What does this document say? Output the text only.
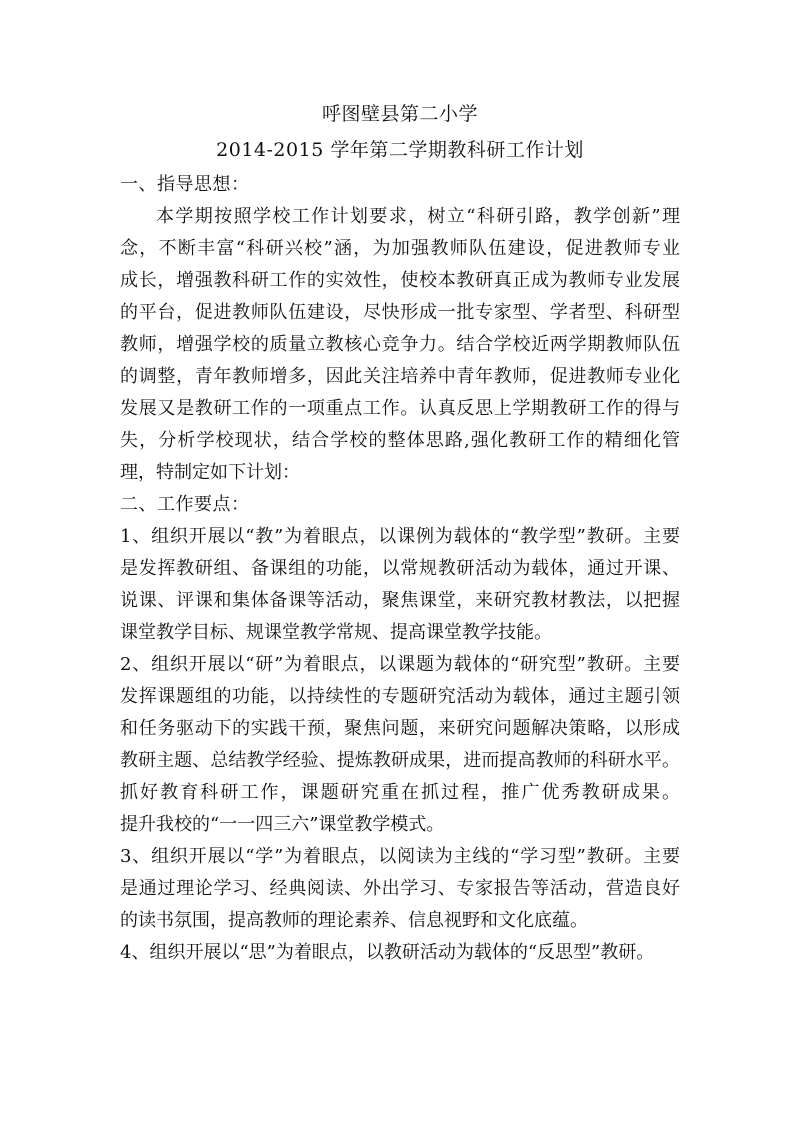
呼图壁县第二小学

2014-2015 学年第二学期教科研工作计划

一、指导思想：

本学期按照学校工作计划要求，树立“科研引路，教学创新”理

念，不断丰富“科研兴校”涵，为加强教师队伍建设，促进教师专业

成长，增强教科研工作的实效性，使校本教研真正成为教师专业发展

的平台，促进教师队伍建设，尽快形成一批专家型、学者型、科研型

教师，增强学校的质量立教核心竞争力。结合学校近两学期教师队伍

的调整，青年教师增多，因此关注培养中青年教师，促进教师专业化

发展又是教研工作的一项重点工作。认真反思上学期教研工作的得与

失，分析学校现状，结合学校的整体思路,强化教研工作的精细化管

理，特制定如下计划：

二、工作要点：

1、组织开展以“教”为着眼点，以课例为载体的“教学型”教研。主要

是发挥教研组、备课组的功能，以常规教研活动为载体，通过开课、

说课、评课和集体备课等活动，聚焦课堂，来研究教材教法，以把握

课堂教学目标、规课堂教学常规、提高课堂教学技能。

2、组织开展以“研”为着眼点，以课题为载体的“研究型”教研。主要

发挥课题组的功能，以持续性的专题研究活动为载体，通过主题引领

和任务驱动下的实践干预，聚焦问题，来研究问题解决策略，以形成

教研主题、总结教学经验、提炼教研成果，进而提高教师的科研水平。

抓好教育科研工作，课题研究重在抓过程，推广优秀教研成果。

提升我校的“一一四三六”课堂教学模式。

3、组织开展以“学”为着眼点，以阅读为主线的“学习型”教研。主要

是通过理论学习、经典阅读、外出学习、专家报告等活动，营造良好

的读书氛围，提高教师的理论素养、信息视野和文化底蕴。

4、组织开展以“思”为着眼点，以教研活动为载体的“反思型”教研。
